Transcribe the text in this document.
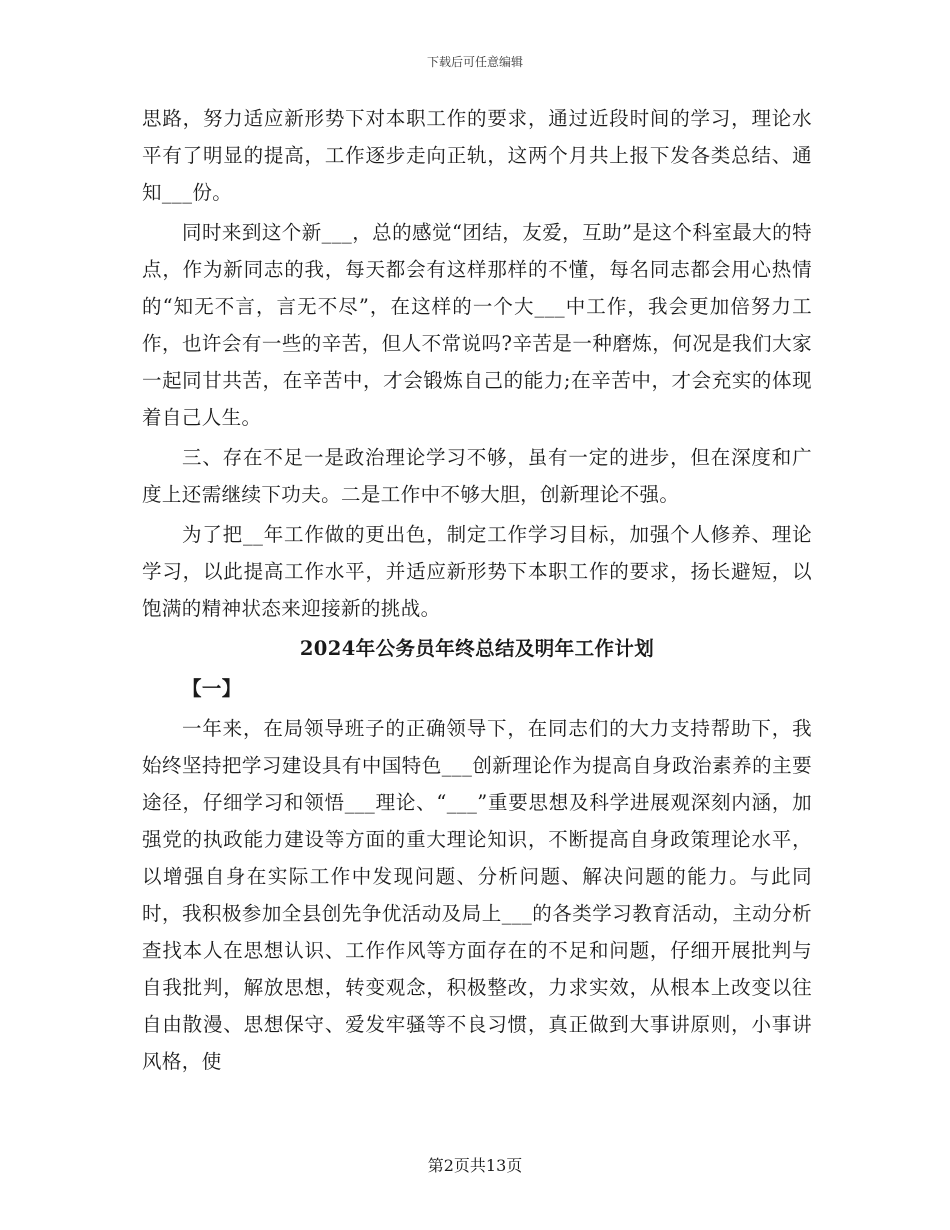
下载后可任意编辑

思路，努力适应新形势下对本职工作的要求，通过近段时间的学习，理论水平有了明显的提高，工作逐步走向正轨，这两个月共上报下发各类总结、通知___份。

同时来到这个新___，总的感觉“团结，友爱，互助”是这个科室最大的特点，作为新同志的我，每天都会有这样那样的不懂，每名同志都会用心热情的“知无不言，言无不尽”，在这样的一个大___中工作，我会更加倍努力工作，也许会有一些的辛苦，但人不常说吗?辛苦是一种磨炼，何况是我们大家一起同甘共苦，在辛苦中，才会锻炼自己的能力;在辛苦中，才会充实的体现着自己人生。

三、存在不足一是政治理论学习不够，虽有一定的进步，但在深度和广度上还需继续下功夫。二是工作中不够大胆，创新理论不强。

为了把__年工作做的更出色，制定工作学习目标，加强个人修养、理论学习，以此提高工作水平，并适应新形势下本职工作的要求，扬长避短，以饱满的精神状态来迎接新的挑战。

2024年公务员年终总结及明年工作计划
【一】

一年来，在局领导班子的正确领导下，在同志们的大力支持帮助下，我始终坚持把学习建设具有中国特色___创新理论作为提高自身政治素养的主要途径，仔细学习和领悟___理论、“___”重要思想及科学进展观深刻内涵，加强党的执政能力建设等方面的重大理论知识，不断提高自身政策理论水平，以增强自身在实际工作中发现问题、分析问题、解决问题的能力。与此同时，我积极参加全县创先争优活动及局上___的各类学习教育活动，主动分析查找本人在思想认识、工作作风等方面存在的不足和问题，仔细开展批判与自我批判，解放思想，转变观念，积极整改，力求实效，从根本上改变以往自由散漫、思想保守、爱发牢骚等不良习惯，真正做到大事讲原则，小事讲风格，使

第2页共13页
